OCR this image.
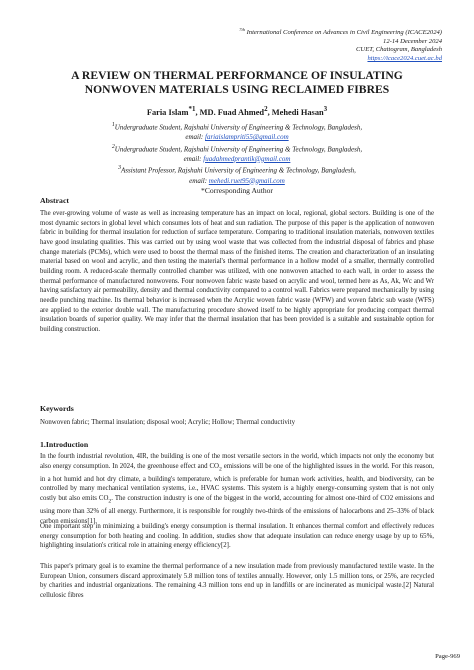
$^{7th}$ International Conference on Advances in Civil Engineering (ICACE2024)
12-14 December 2024
CUET, Chattogram, Bangladesh
https://icace2024.cuet.ac.bd
A REVIEW ON THERMAL PERFORMANCE OF INSULATING
NONWOVEN MATERIALS USING RECLAIMED FIBRES
Faria Islam$^{*1}$, MD. Fuad Ahmed$^2$, Mehedi Hasan$^3$
$^1$Undergraduate Student, Rajshahi University of Engineering & Technology, Bangladesh,
email: fariaislampriti55@gmail.com
$^2$Undergraduate Student, Rajshahi University of Engineering & Technology, Bangladesh,
email: fuadahmedprantik@gmail.com
$^3$Assistant Professor, Rajshahi University of Engineering & Technology, Bangladesh,
email: mehedi.ruet95@gmail.com
*Corresponding Author
Abstract
The ever-growing volume of waste as well as increasing temperature has an impact on local, regional, global sectors. Building is one of the most dynamic sectors in global level which consumes lots of heat and sun radiation. The purpose of this paper is the application of nonwoven fabric in building for thermal insulation for reduction of surface temperature. Comparing to traditional insulation materials, nonwoven textiles have good insulating qualities. This was carried out by using wool waste that was collected from the industrial disposal of fabrics and phase change materials (PCMs), which were used to boost the thermal mass of the finished items. The creation and characterization of an insulating material based on wool and acrylic, and then testing the material's thermal performance in a hollow model of a smaller, thermally controlled building room. A reduced-scale thermally controlled chamber was utilized, with one nonwoven attached to each wall, in order to assess the thermal performance of manufactured nonwovens. Four nonwoven fabric waste based on acrylic and wool, termed here as As, Ak, Wc and Wr having satisfactory air permeability, density and thermal conductivity compared to a control wall. Fabrics were prepared mechanically by using needle punching machine. Its thermal behavior is increased when the Acrylic woven fabric waste (WFW) and woven fabric sub waste (WFS) are applied to the exterior double wall. The manufacturing procedure showed itself to be highly appropriate for producing compact thermal insulation boards of superior quality. We may infer that the thermal insulation that has been provided is a suitable and sustainable option for building construction.
Keywords
Nonwoven fabric; Thermal insulation; disposal wool; Acrylic; Hollow; Thermal conductivity
1.Introduction
In the fourth industrial revolution, 4IR, the building is one of the most versatile sectors in the world, which impacts not only the economy but also energy consumption. In 2024, the greenhouse effect and $CO_2$ emissions will be one of the highlighted issues in the world. For this reason, in a hot humid and hot dry climate, a building's temperature, which is preferable for human work activities, health, and biodiversity, can be controlled by many mechanical ventilation systems, i.e., HVAC systems. This system is a highly energy-consuming system that is not only costly but also emits $CO_2$. The construction industry is one of the biggest in the world, accounting for almost one-third of CO2 emissions and using more than 32% of all energy. Furthermore, it is responsible for roughly two-thirds of the emissions of halocarbons and 25–33% of black carbon emissions[1].
One important step in minimizing a building's energy consumption is thermal insulation. It enhances thermal comfort and effectively reduces energy consumption for both heating and cooling. In addition, studies show that adequate insulation can reduce energy usage by up to 65%, highlighting insulation's critical role in attaining energy efficiency[2].
This paper's primary goal is to examine the thermal performance of a new insulation made from previously manufactured textile waste. In the European Union, consumers discard approximately 5.8 million tons of textiles annually. However, only 1.5 million tons, or 25%, are recycled by charities and industrial organizations. The remaining 4.3 million tons end up in landfills or are incinerated as municipal waste.[2] Natural cellulosic fibres
Page-969
